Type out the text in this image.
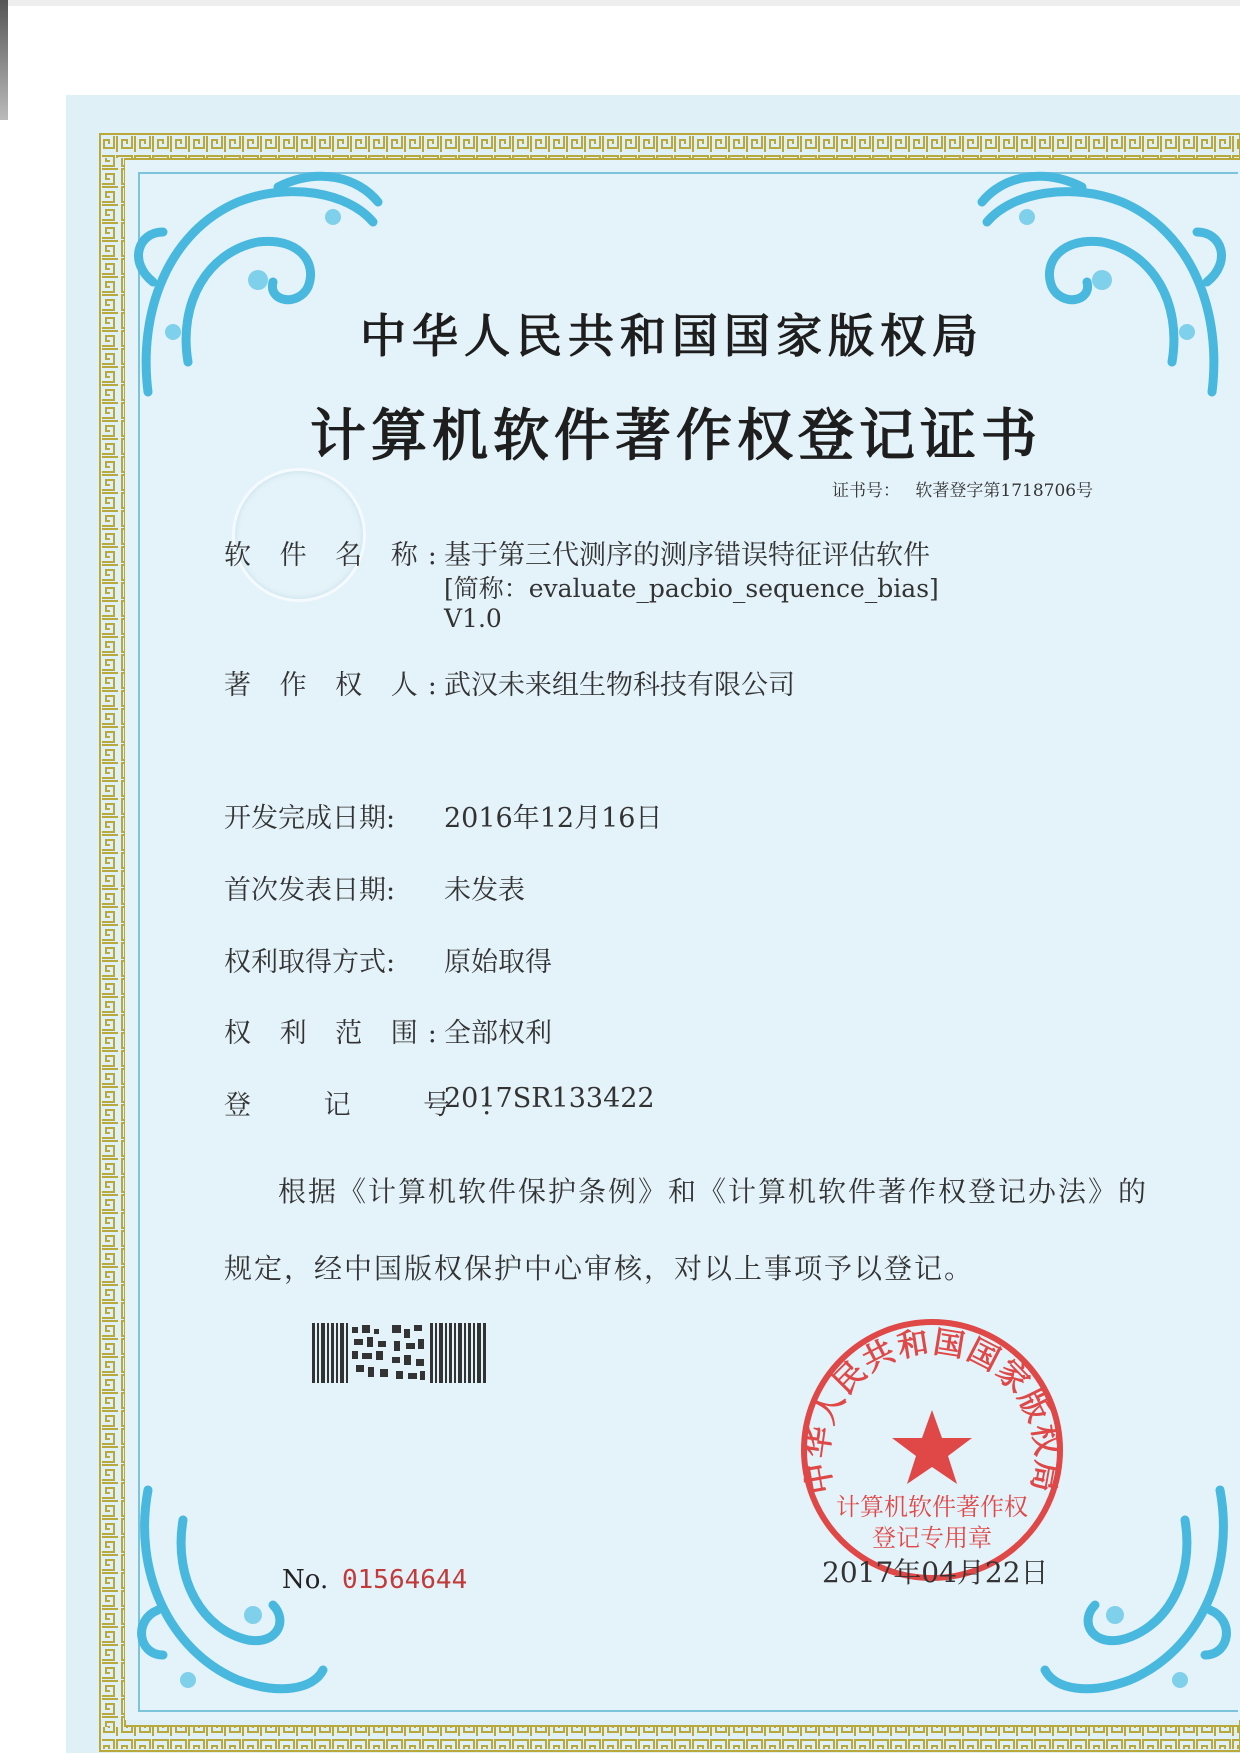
中华人民共和国国家版权局
计算机软件著作权登记证书
证书号： 软著登字第1718706号
软 件 名 称:
基于第三代测序的测序错误特征评估软件
[简称：evaluate_pacbio_sequence_bias]
V1.0
著 作 权 人:
武汉未来组生物科技有限公司
开发完成日期: 2016年12月16日
首次发表日期: 未发表
权利取得方式: 原始取得
权 利 范 围:
全部权利
登 记 号:
2017SR133422
根据《计算机软件保护条例》和《计算机软件著作权登记办法》的
规定，经中国版权保护中心审核，对以上事项予以登记。
中华人民共和国国家版权局
计算机软件著作权
登记专用章
No. 01564644	2017年04月22日
